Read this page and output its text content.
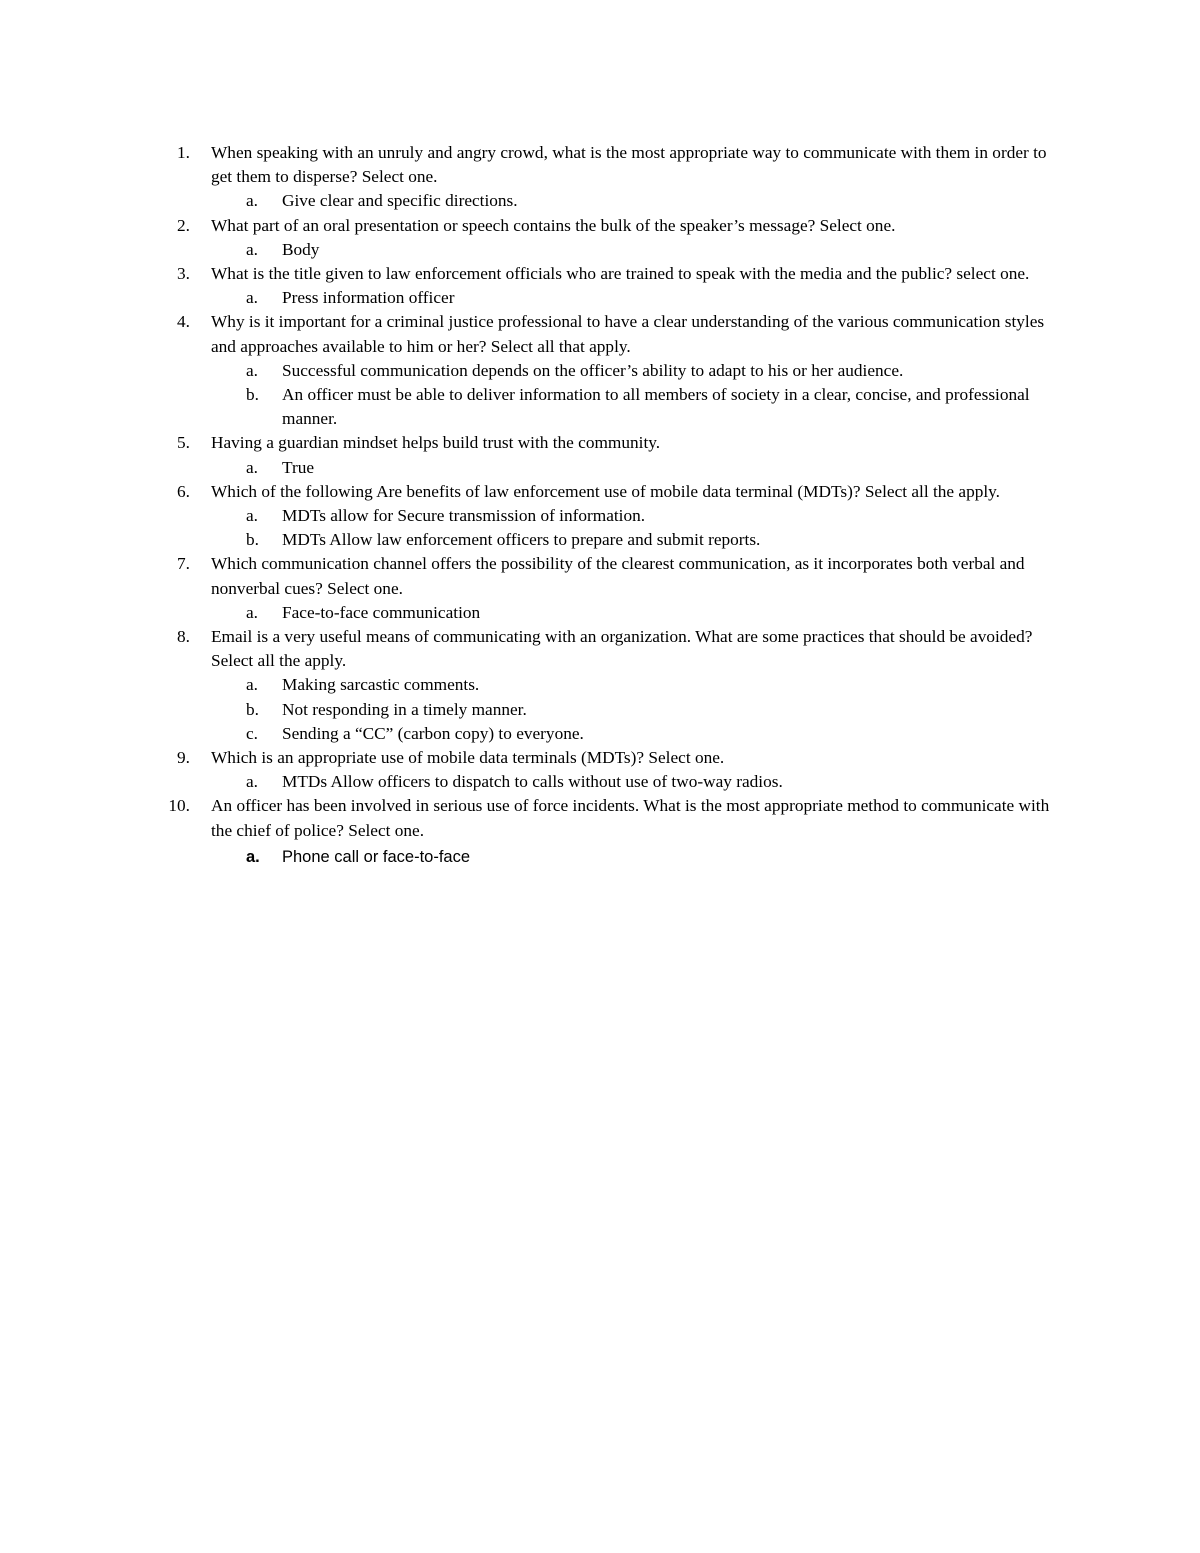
1. When speaking with an unruly and angry crowd, what is the most appropriate way to communicate with them in order to get them to disperse? Select one.
a. Give clear and specific directions.
2. What part of an oral presentation or speech contains the bulk of the speaker’s message? Select one.
a. Body
3. What is the title given to law enforcement officials who are trained to speak with the media and the public? select one.
a. Press information officer
4. Why is it important for a criminal justice professional to have a clear understanding of the various communication styles and approaches available to him or her? Select all that apply.
a. Successful communication depends on the officer’s ability to adapt to his or her audience.
b. An officer must be able to deliver information to all members of society in a clear, concise, and professional manner.
5. Having a guardian mindset helps build trust with the community.
a. True
6. Which of the following Are benefits of law enforcement use of mobile data terminal (MDTs)? Select all the apply.
a. MDTs allow for Secure transmission of information.
b. MDTs Allow law enforcement officers to prepare and submit reports.
7. Which communication channel offers the possibility of the clearest communication, as it incorporates both verbal and nonverbal cues? Select one.
a. Face-to-face communication
8. Email is a very useful means of communicating with an organization. What are some practices that should be avoided? Select all the apply.
a. Making sarcastic comments.
b. Not responding in a timely manner.
c. Sending a “CC” (carbon copy) to everyone.
9. Which is an appropriate use of mobile data terminals (MDTs)? Select one.
a. MTDs Allow officers to dispatch to calls without use of two-way radios.
10. An officer has been involved in serious use of force incidents. What is the most appropriate method to communicate with the chief of police? Select one.
a. Phone call or face-to-face
